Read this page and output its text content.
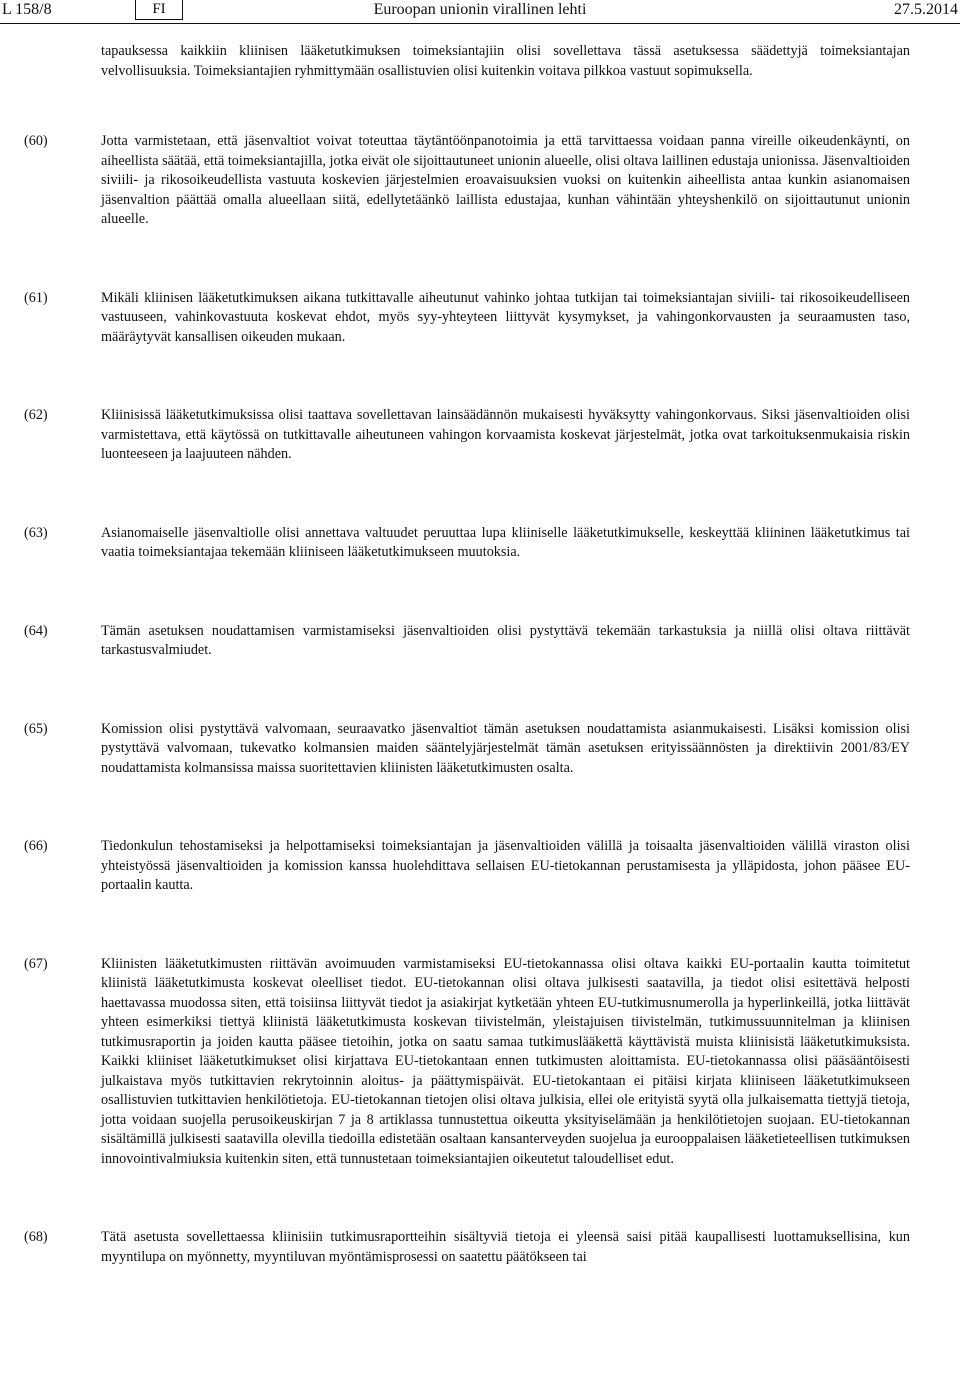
L 158/8	Euroopan unionin virallinen lehti
FI	27.5.2014

tapauksessa kaikkiin kliinisen lääketutkimuksen toimeksiantajiin olisi sovellettava tässä asetuksessa säädettyjä toimeksiantajan velvollisuuksia. Toimeksiantajien ryhmittymään osallistuvien olisi kuitenkin voitava pilkkoa vastuut sopimuksella.

(60)	Jotta varmistetaan, että jäsenvaltiot voivat toteuttaa täytäntöönpanotoimia ja että tarvittaessa voidaan panna vireille oikeudenkäynti, on aiheellista säätää, että toimeksiantajilla, jotka eivät ole sijoittautuneet unionin alueelle, olisi oltava laillinen edustaja unionissa. Jäsenvaltioiden siviili- ja rikosoikeudellista vastuuta koskevien järjestelmien eroavaisuuksien vuoksi on kuitenkin aiheellista antaa kunkin asianomaisen jäsenvaltion päättää omalla alueellaan siitä, edellytetäänkö laillista edustajaa, kunhan vähintään yhteyshenkilö on sijoittautunut unionin alueelle.
(61)	Mikäli kliinisen lääketutkimuksen aikana tutkittavalle aiheutunut vahinko johtaa tutkijan tai toimeksiantajan siviili- tai rikosoikeudelliseen vastuuseen, vahinkovastuuta koskevat ehdot, myös syy-yhteyteen liittyvät kysymykset, ja vahingonkorvausten ja seuraamusten taso, määräytyvät kansallisen oikeuden mukaan.
(62)	Kliinisissä lääketutkimuksissa olisi taattava sovellettavan lainsäädännön mukaisesti hyväksytty vahingonkorvaus. Siksi jäsenvaltioiden olisi varmistettava, että käytössä on tutkittavalle aiheutuneen vahingon korvaamista koskevat järjestelmät, jotka ovat tarkoituksenmukaisia riskin luonteeseen ja laajuuteen nähden.
(63)	Asianomaiselle jäsenvaltiolle olisi annettava valtuudet peruuttaa lupa kliiniselle lääketutkimukselle, keskeyttää kliininen lääketutkimus tai vaatia toimeksiantajaa tekemään kliiniseen lääketutkimukseen muutoksia.
(64)	Tämän asetuksen noudattamisen varmistamiseksi jäsenvaltioiden olisi pystyttävä tekemään tarkastuksia ja niillä olisi oltava riittävät tarkastusvalmiudet.
(65)	Komission olisi pystyttävä valvomaan, seuraavatko jäsenvaltiot tämän asetuksen noudattamista asianmukaisesti. Lisäksi komission olisi pystyttävä valvomaan, tukevatko kolmansien maiden sääntelyjärjestelmät tämän asetuksen erityissäännösten ja direktiivin 2001/83/EY noudattamista kolmansissa maissa suoritettavien kliinisten lääketutkimusten osalta.
(66)	Tiedonkulun tehostamiseksi ja helpottamiseksi toimeksiantajan ja jäsenvaltioiden välillä ja toisaalta jäsenvaltioiden välillä viraston olisi yhteistyössä jäsenvaltioiden ja komission kanssa huolehdittava sellaisen EU-tietokannan perustamisesta ja ylläpidosta, johon pääsee EU-portaalin kautta.
(67)	Kliinisten lääketutkimusten riittävän avoimuuden varmistamiseksi EU-tietokannassa olisi oltava kaikki EU-portaalin kautta toimitetut kliinistä lääketutkimusta koskevat oleelliset tiedot. EU-tietokannan olisi oltava julkisesti saatavilla, ja tiedot olisi esitettävä helposti haettavassa muodossa siten, että toisiinsa liittyvät tiedot ja asiakirjat kytketään yhteen EU-tutkimusnumerolla ja hyperlinkeillä, jotka liittävät yhteen esimerkiksi tiettyä kliinistä lääketutkimusta koskevan tiivistelmän, yleistajuisen tiivistelmän, tutkimussuunnitelman ja kliinisen tutkimusraportin ja joiden kautta pääsee tietoihin, jotka on saatu samaa tutkimuslääkettä käyttävistä muista kliinisistä lääketutkimuksista. Kaikki kliiniset lääketutkimukset olisi kirjattava EU-tietokantaan ennen tutkimusten aloittamista. EU-tietokannassa olisi pääsääntöisesti julkaistava myös tutkittavien rekrytoinnin aloitus- ja päättymispäivät. EU-tietokantaan ei pitäisi kirjata kliiniseen lääketutkimukseen osallistuvien tutkittavien henkilötietoja. EU-tietokannan tietojen olisi oltava julkisia, ellei ole erityistä syytä olla julkaisematta tiettyjä tietoja, jotta voidaan suojella perusoikeuskirjan 7 ja 8 artiklassa tunnustettua oikeutta yksityiselämään ja henkilötietojen suojaan. EU-tietokannan sisältämillä julkisesti saatavilla olevilla tiedoilla edistetään osaltaan kansanterveyden suojelua ja eurooppalaisen lääketieteellisen tutkimuksen innovointivalmiuksia kuitenkin siten, että tunnustetaan toimeksiantajien oikeutetut taloudelliset edut.
(68)	Tätä asetusta sovellettaessa kliinisiin tutkimusraportteihin sisältyviä tietoja ei yleensä saisi pitää kaupallisesti luottamuksellisina, kun myyntilupa on myönnetty, myyntiluvan myöntämisprosessi on saatettu päätökseen tai
